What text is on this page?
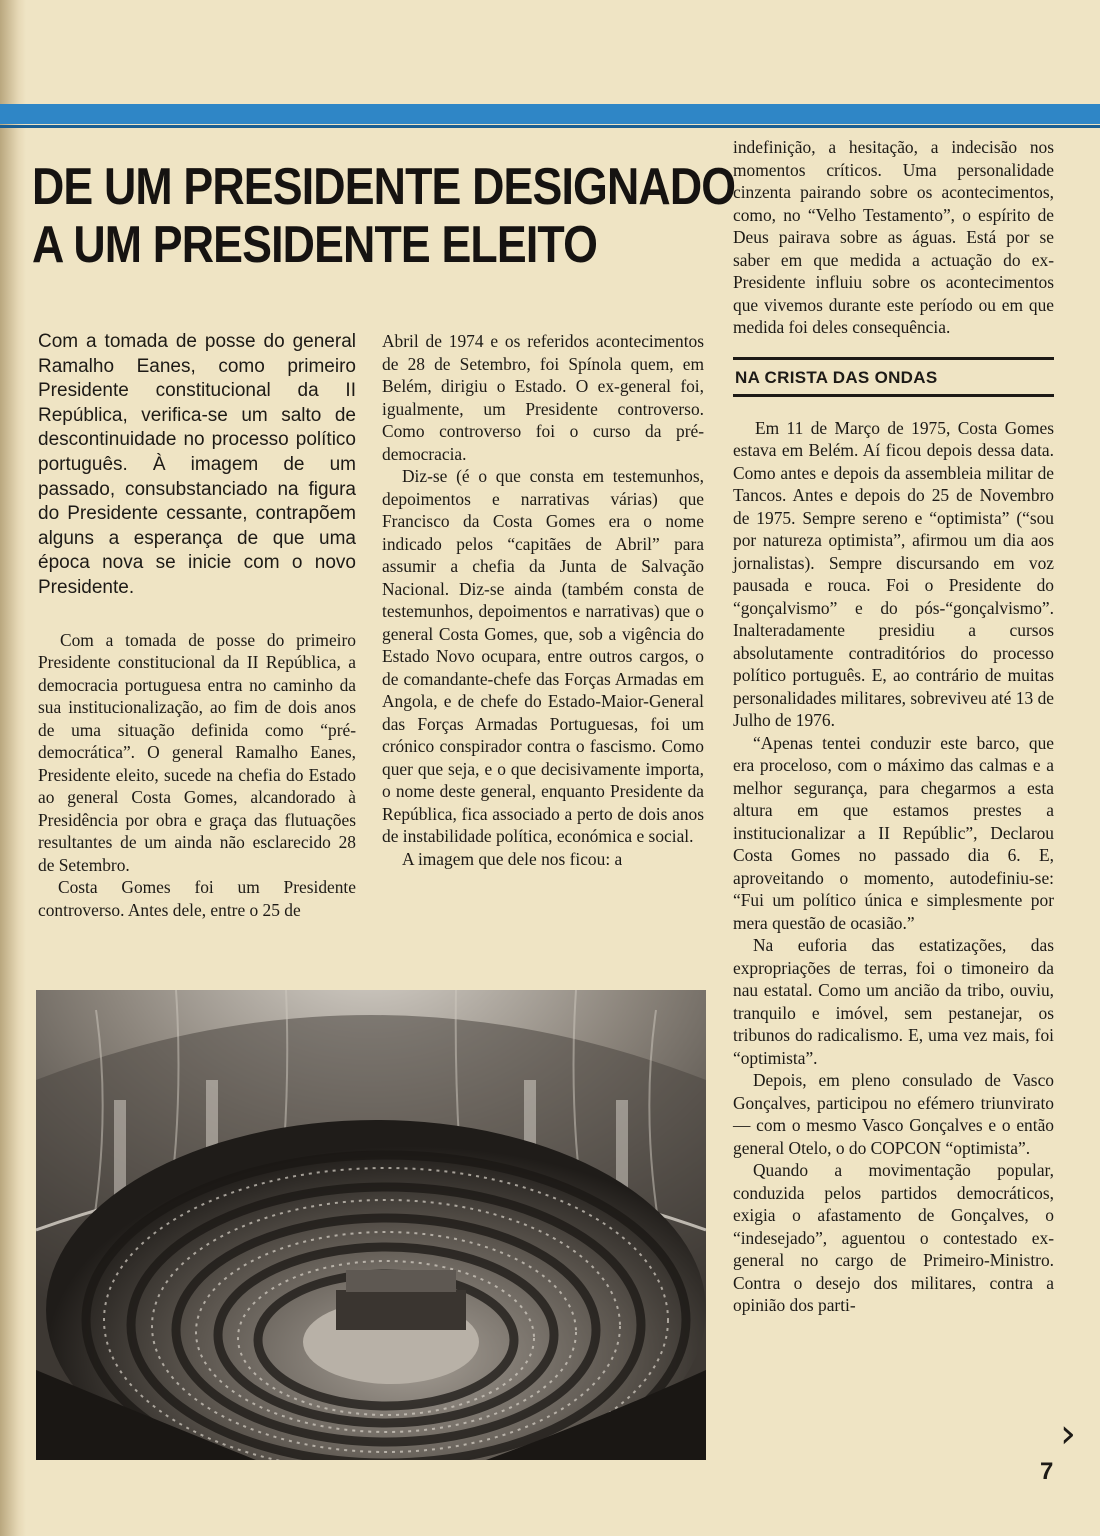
DE UM PRESIDENTE DESIGNADO
A UM PRESIDENTE ELEITO

Com a tomada de posse do general Ramalho Eanes, como primeiro Presidente constitucional da II República, verifica-se um salto de descontinuidade no processo político português. À imagem de um passado, consubstanciado na figura do Presidente cessante, contrapõem alguns a esperança de que uma época nova se inicie com o novo Presidente.

Com a tomada de posse do primeiro Presidente constitucional da II República, a democracia portuguesa entra no caminho da sua institucionalização, ao fim de dois anos de uma situação definida como “pré-democrática”. O general Ramalho Eanes, Presidente eleito, sucede na chefia do Estado ao general Costa Gomes, alcandorado à Presidência por obra e graça das flutuações resultantes de um ainda não esclarecido 28 de Setembro.

Costa Gomes foi um Presidente controverso. Antes dele, entre o 25 de

Abril de 1974 e os referidos acontecimentos de 28 de Setembro, foi Spínola quem, em Belém, dirigiu o Estado. O ex-general foi, igualmente, um Presidente controverso. Como controverso foi o curso da pré-democracia.

Diz-se (é o que consta em testemunhos, depoimentos e narrativas várias) que Francisco da Costa Gomes era o nome indicado pelos “capitães de Abril” para assumir a chefia da Junta de Salvação Nacional. Diz-se ainda (também consta de testemunhos, depoimentos e narrativas) que o general Costa Gomes, que, sob a vigência do Estado Novo ocupara, entre outros cargos, o de comandante-chefe das Forças Armadas em Angola, e de chefe do Estado-Maior-General das Forças Armadas Portuguesas, foi um crónico conspirador contra o fascismo. Como quer que seja, e o que decisivamente importa, o nome deste general, enquanto Presidente da República, fica associado a perto de dois anos de instabilidade política, económica e social.

A imagem que dele nos ficou: a

indefinição, a hesitação, a indecisão nos momentos críticos. Uma personalidade cinzenta pairando sobre os acontecimentos, como, no “Velho Testamento”, o espírito de Deus pairava sobre as águas. Está por se saber em que medida a actuação do ex-Presidente influiu sobre os acontecimentos que vivemos durante este período ou em que medida foi deles consequência.

NA CRISTA DAS ONDAS

Em 11 de Março de 1975, Costa Gomes estava em Belém. Aí ficou depois dessa data. Como antes e depois da assembleia militar de Tancos. Antes e depois do 25 de Novembro de 1975. Sempre sereno e “optimista” (“sou por natureza optimista”, afirmou um dia aos jornalistas). Sempre discursando em voz pausada e rouca. Foi o Presidente do “gonçalvismo” e do pós-“gonçalvismo”. Inalteradamente presidiu a cursos absolutamente contraditórios do processo político português. E, ao contrário de muitas personalidades militares, sobreviveu até 13 de Julho de 1976.

“Apenas tentei conduzir este barco, que era proceloso, com o máximo das calmas e a melhor segurança, para chegarmos a esta altura em que estamos prestes a institucionalizar a II Repúblic”, Declarou Costa Gomes no passado dia 6. E, aproveitando o momento, autodefiniu-se: “Fui um político única e simplesmente por mera questão de ocasião.”

Na euforia das estatizações, das expropriações de terras, foi o timoneiro da nau estatal. Como um ancião da tribo, ouviu, tranquilo e imóvel, sem pestanejar, os tribunos do radicalismo. E, uma vez mais, foi “optimista”.

Depois, em pleno consulado de Vasco Gonçalves, participou no efémero triunvirato — com o mesmo Vasco Gonçalves e o então general Otelo, o do COPCON “optimista”.

Quando a movimentação popular, conduzida pelos partidos democráticos, exigia o afastamento de Gonçalves, o “indesejado”, aguentou o contestado ex-general no cargo de Primeiro-Ministro. Contra o desejo dos militares, contra a opinião dos parti-

›

7
